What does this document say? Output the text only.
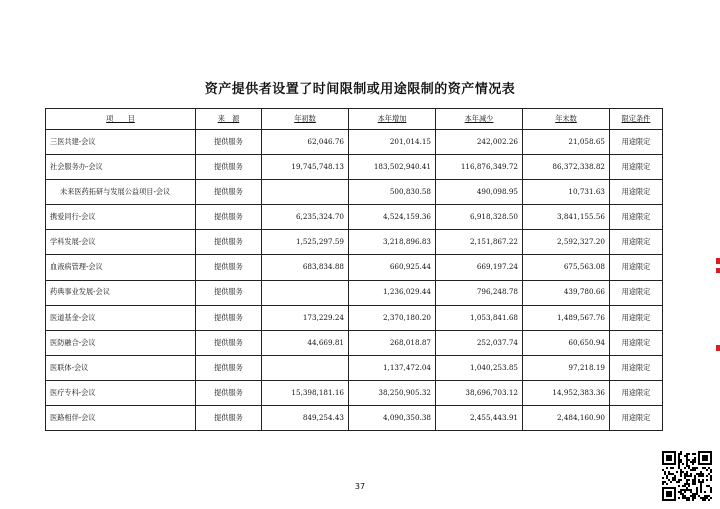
资产提供者设置了时间限制或用途限制的资产情况表
项　　目	来　源	年初数	本年增加	本年减少	年末数	限定条件
三医共建-会议	提供服务	62,046.76	201,014.15	242,002.26	21,058.65	用途限定
社会服务办-会议	提供服务	19,745,748.13	183,502,940.41	116,876,349.72	86,372,338.82	用途限定
未来医药拓研与发展公益项目-会议	提供服务		500,830.58	490,098.95	10,731.63	用途限定
携爱同行-会议	提供服务	6,235,324.70	4,524,159.36	6,918,328.50	3,841,155.56	用途限定
学科发展-会议	提供服务	1,525,297.59	3,218,896.83	2,151,867.22	2,592,327.20	用途限定
血液病管理-会议	提供服务	683,834.88	660,925.44	669,197.24	675,563.08	用途限定
药典事业发展-会议	提供服务		1,236,029.44	796,248.78	439,780.66	用途限定
医道基金-会议	提供服务	173,229.24	2,370,180.20	1,053,841.68	1,489,567.76	用途限定
医防融合-会议	提供服务	44,669.81	268,018.87	252,037.74	60,650.94	用途限定
医联体-会议	提供服务		1,137,472.04	1,040,253.85	97,218.19	用途限定
医疗专科-会议	提供服务	15,398,181.16	38,250,905.32	38,696,703.12	14,952,383.36	用途限定
医路相伴-会议	提供服务	849,254.43	4,090,350.38	2,455,443.91	2,484,160.90	用途限定
37
